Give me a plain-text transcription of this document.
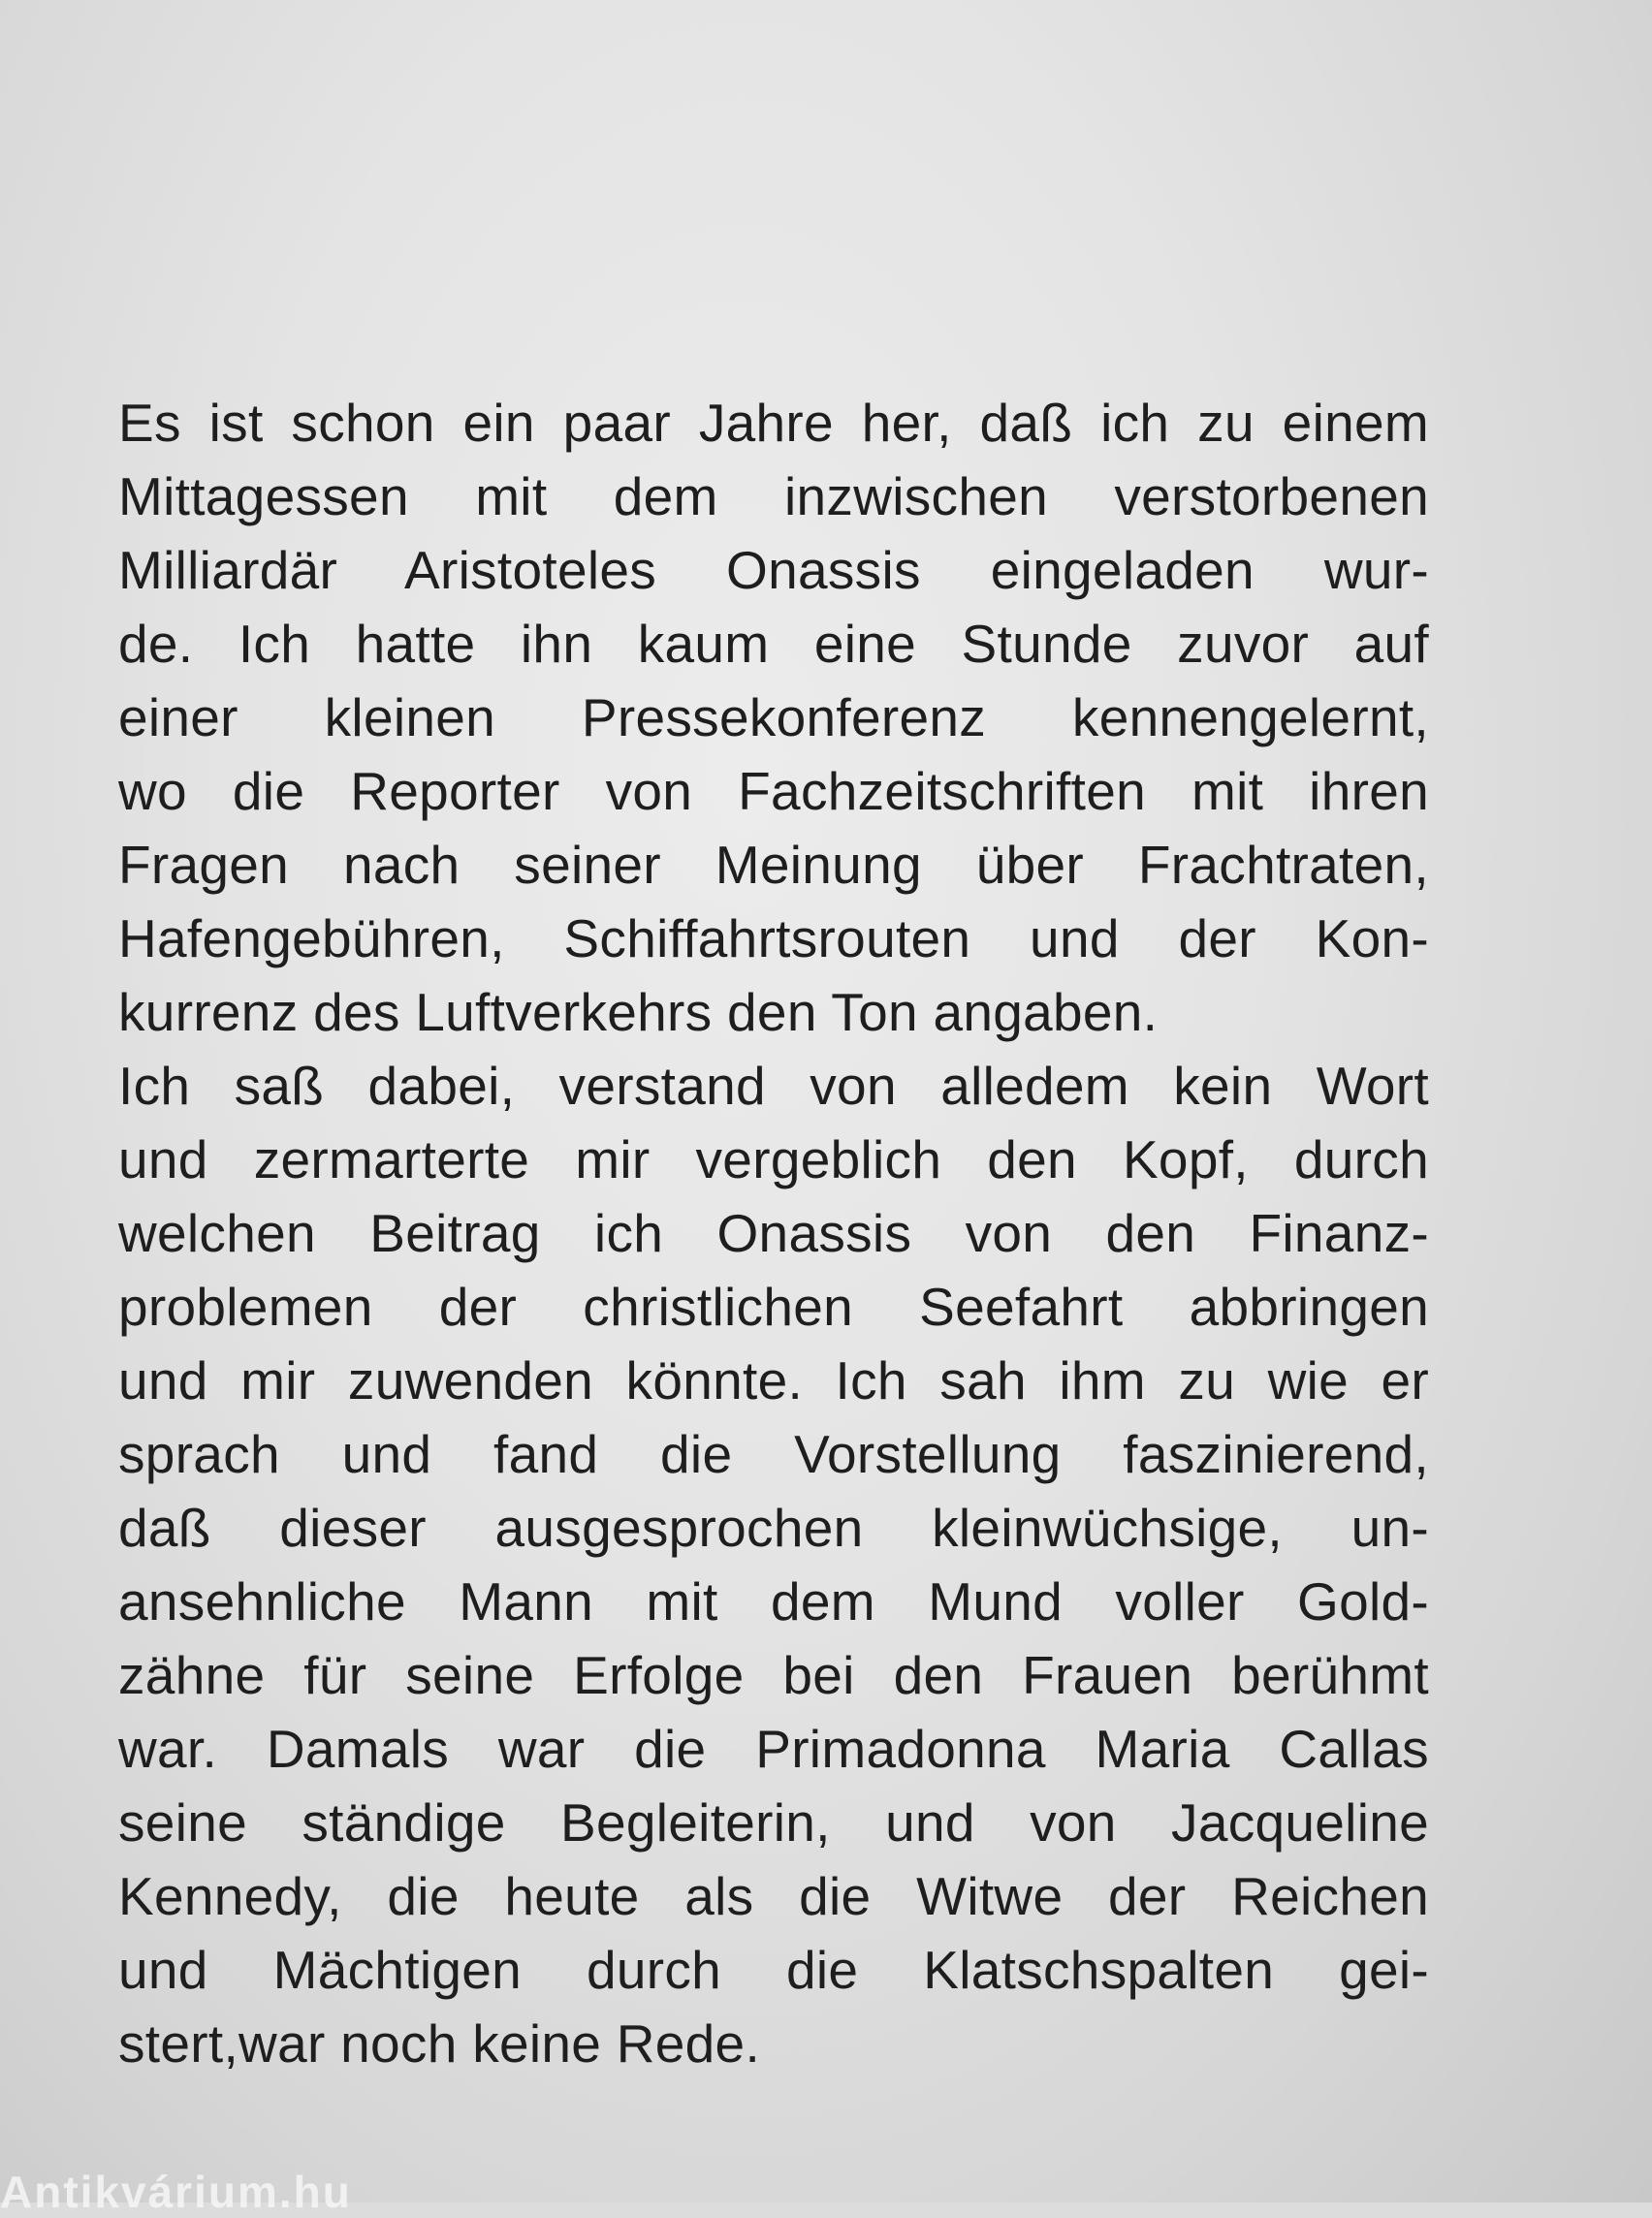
Es ist schon ein paar Jahre her, daß ich zu einem
Mittagessen mit dem inzwischen verstorbenen
Milliardär Aristoteles Onassis eingeladen wur-
de. Ich hatte ihn kaum eine Stunde zuvor auf
einer kleinen Pressekonferenz kennengelernt,
wo die Reporter von Fachzeitschriften mit ihren
Fragen nach seiner Meinung über Frachtraten,
Hafengebühren, Schiffahrtsrouten und der Kon-
kurrenz des Luftverkehrs den Ton angaben.
Ich saß dabei, verstand von alledem kein Wort
und zermarterte mir vergeblich den Kopf, durch
welchen Beitrag ich Onassis von den Finanz-
problemen der christlichen Seefahrt abbringen
und mir zuwenden könnte. Ich sah ihm zu wie er
sprach und fand die Vorstellung faszinierend,
daß dieser ausgesprochen kleinwüchsige, un-
ansehnliche Mann mit dem Mund voller Gold-
zähne für seine Erfolge bei den Frauen berühmt
war. Damals war die Primadonna Maria Callas
seine ständige Begleiterin, und von Jacqueline
Kennedy, die heute als die Witwe der Reichen
und Mächtigen durch die Klatschspalten gei-
stert,war noch keine Rede.
Antikvárium.hu
